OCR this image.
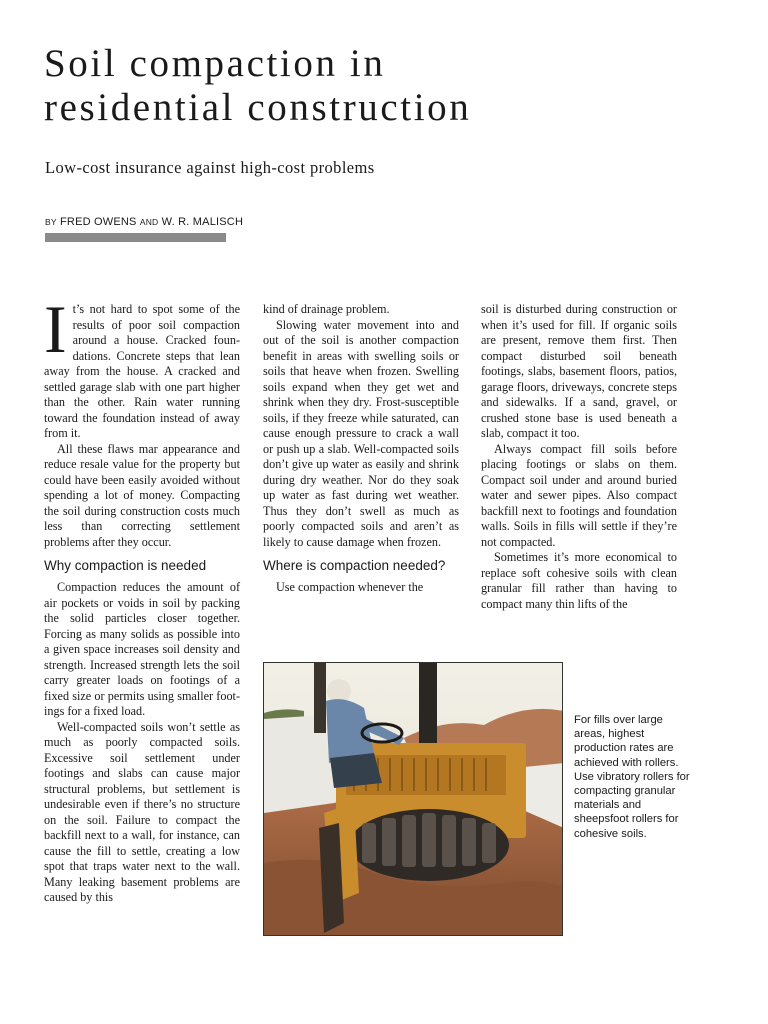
Soil compaction in
residential construction
Low-cost insurance against high-cost problems
BY FRED OWENS AND W. R. MALISCH

It’s not hard to spot some of the results of poor soil compaction around a house. Cracked foundations. Concrete steps that lean away from the house. A cracked and settled garage slab with one part higher than the other. Rain water running toward the foundation instead of away from it.

All these flaws mar appearance and reduce resale value for the property but could have been easily avoided without spending a lot of money. Compacting the soil during construction costs much less than correcting settlement problems after they occur.

Why compaction is needed

Compaction reduces the amount of air pockets or voids in soil by packing the solid particles closer together. Forcing as many solids as possible into a given space increases soil density and strength. Increased strength lets the soil carry greater loads on footings of a fixed size or permits using smaller footings for a fixed load.

Well-compacted soils won’t settle as much as poorly compacted soils. Excessive soil settlement under footings and slabs can cause major structural problems, but settlement is undesirable even if there’s no structure on the soil. Failure to compact the backfill next to a wall, for instance, can cause the fill to settle, creating a low spot that traps water next to the wall. Many leaking basement problems are caused by this

kind of drainage problem.

Slowing water movement into and out of the soil is another compaction benefit in areas with swelling soils or soils that heave when frozen. Swelling soils expand when they get wet and shrink when they dry. Frost-susceptible soils, if they freeze while saturated, can cause enough pressure to crack a wall or push up a slab. Well-compacted soils don’t give up water as easily and shrink during dry weather. Nor do they soak up water as fast during wet weather. Thus they don’t swell as much as poorly compacted soils and aren’t as likely to cause damage when frozen.

Where is compaction needed?

Use compaction whenever the

soil is disturbed during construction or when it’s used for fill. If organic soils are present, remove them first. Then compact disturbed soil beneath footings, slabs, basement floors, patios, garage floors, driveways, concrete steps and sidewalks. If a sand, gravel, or crushed stone base is used beneath a slab, compact it too.

Always compact fill soils before placing footings or slabs on them. Compact soil under and around buried water and sewer pipes. Also compact backfill next to footings and foundation walls. Soils in fills will settle if they’re not compacted.

Sometimes it’s more economical to replace soft cohesive soils with clean granular fill rather than having to compact many thin lifts of the

For fills over large areas, highest production rates are achieved with rollers. Use vibratory rollers for compacting granular materials and sheepsfoot rollers for cohesive soils.
